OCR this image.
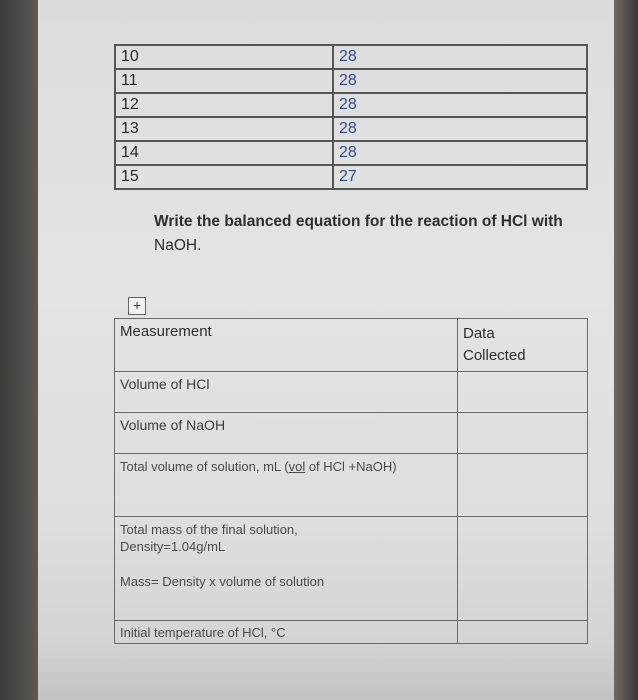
10	28
11	28
12	28
13	28
14	28
15	27
Write the balanced equation for the reaction of HCl with
NaOH.
+
Measurement	Data
Collected

Volume of HCl	
Volume of NaOH	

Total volume of solution, mL (vol of HCl +NaOH)	

Total mass of the final solution, Density=1.04g/mL
Mass= Density x volume of solution	

Initial temperature of HCl, °C	
